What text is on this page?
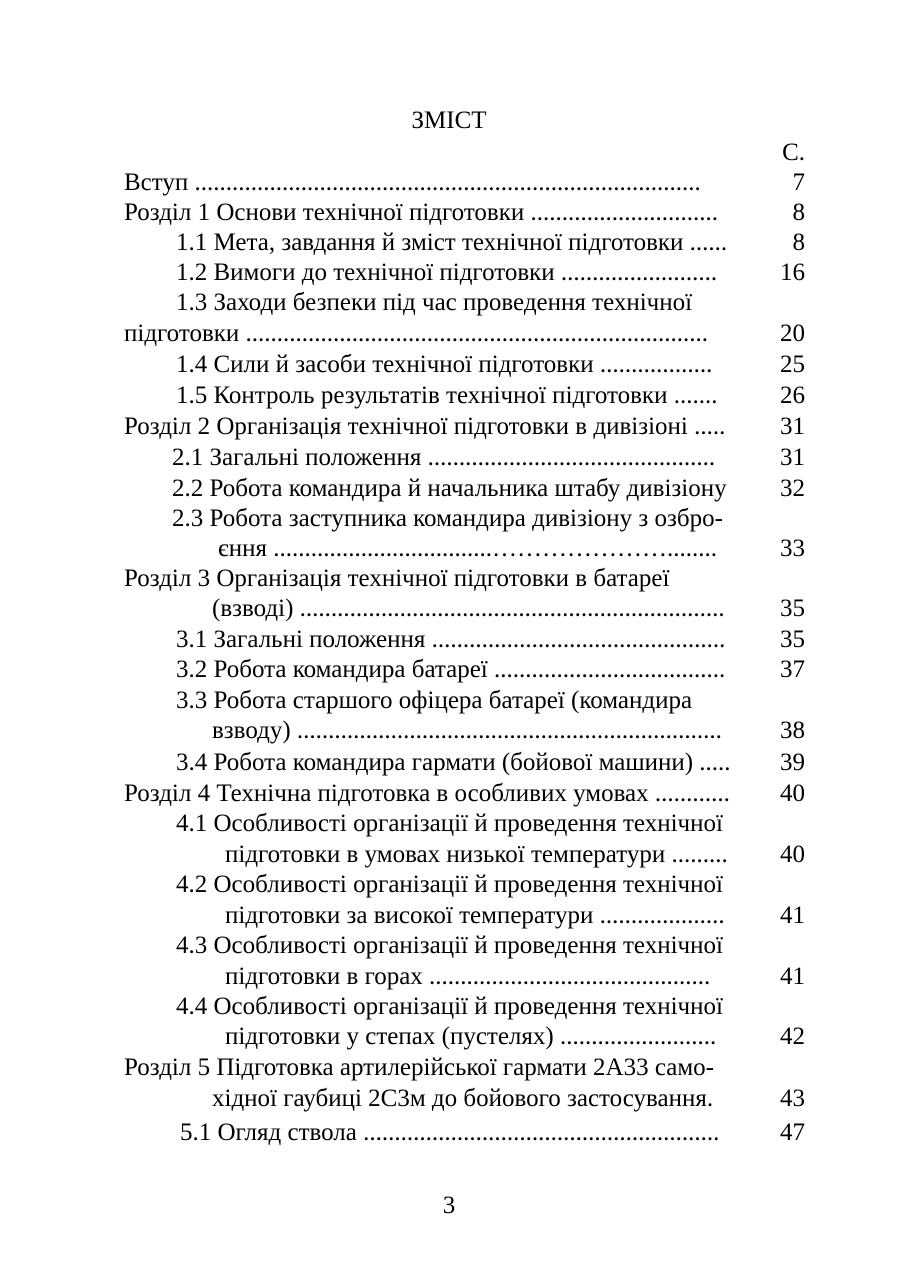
ЗМІСТ
С.
Вступ .................................................................................	7
Розділ 1 Основи технічної підготовки ..............................	8
1.1 Мета, завдання й зміст технічної підготовки ......	8
1.2 Вимоги до технічної підготовки .........................	16
1.3 Заходи безпеки під час проведення технічної
підготовки ..........................................................................	20
1.4 Сили й засоби технічної підготовки ..................	25
1.5 Контроль результатів технічної підготовки .......	26
Розділ 2 Організація технічної підготовки в дивізіоні .....	31
2.1 Загальні положення ..............................................	31
2.2 Робота командира й начальника штабу дивізіону	32
2.3 Робота заступника командира дивізіону з озбро-
єння ...................................…………………........	33
Розділ 3 Організація технічної підготовки в батареї
(взводі) ....................................................................	35
3.1 Загальні положення ...............................................	35
3.2 Робота командира батареї .....................................	37
3.3 Робота старшого офіцера батареї (командира
взводу) ....................................................................	38
3.4 Робота командира гармати (бойової машини) .....	39
Розділ 4 Технічна підготовка в особливих умовах ............	40
4.1 Особливості організації й проведення технічної
підготовки в умовах низької температури .........	40
4.2 Особливості організації й проведення технічної
підготовки за високої температури ....................	41
4.3 Особливості організації й проведення технічної
підготовки в горах .............................................	41
4.4 Особливості організації й проведення технічної
підготовки у степах (пустелях) .........................	42
Розділ 5 Підготовка артилерійської гармати 2А33 само-
хідної гаубиці 2С3м до бойового застосування.	43
5.1 Огляд ствола .........................................................	47
3
